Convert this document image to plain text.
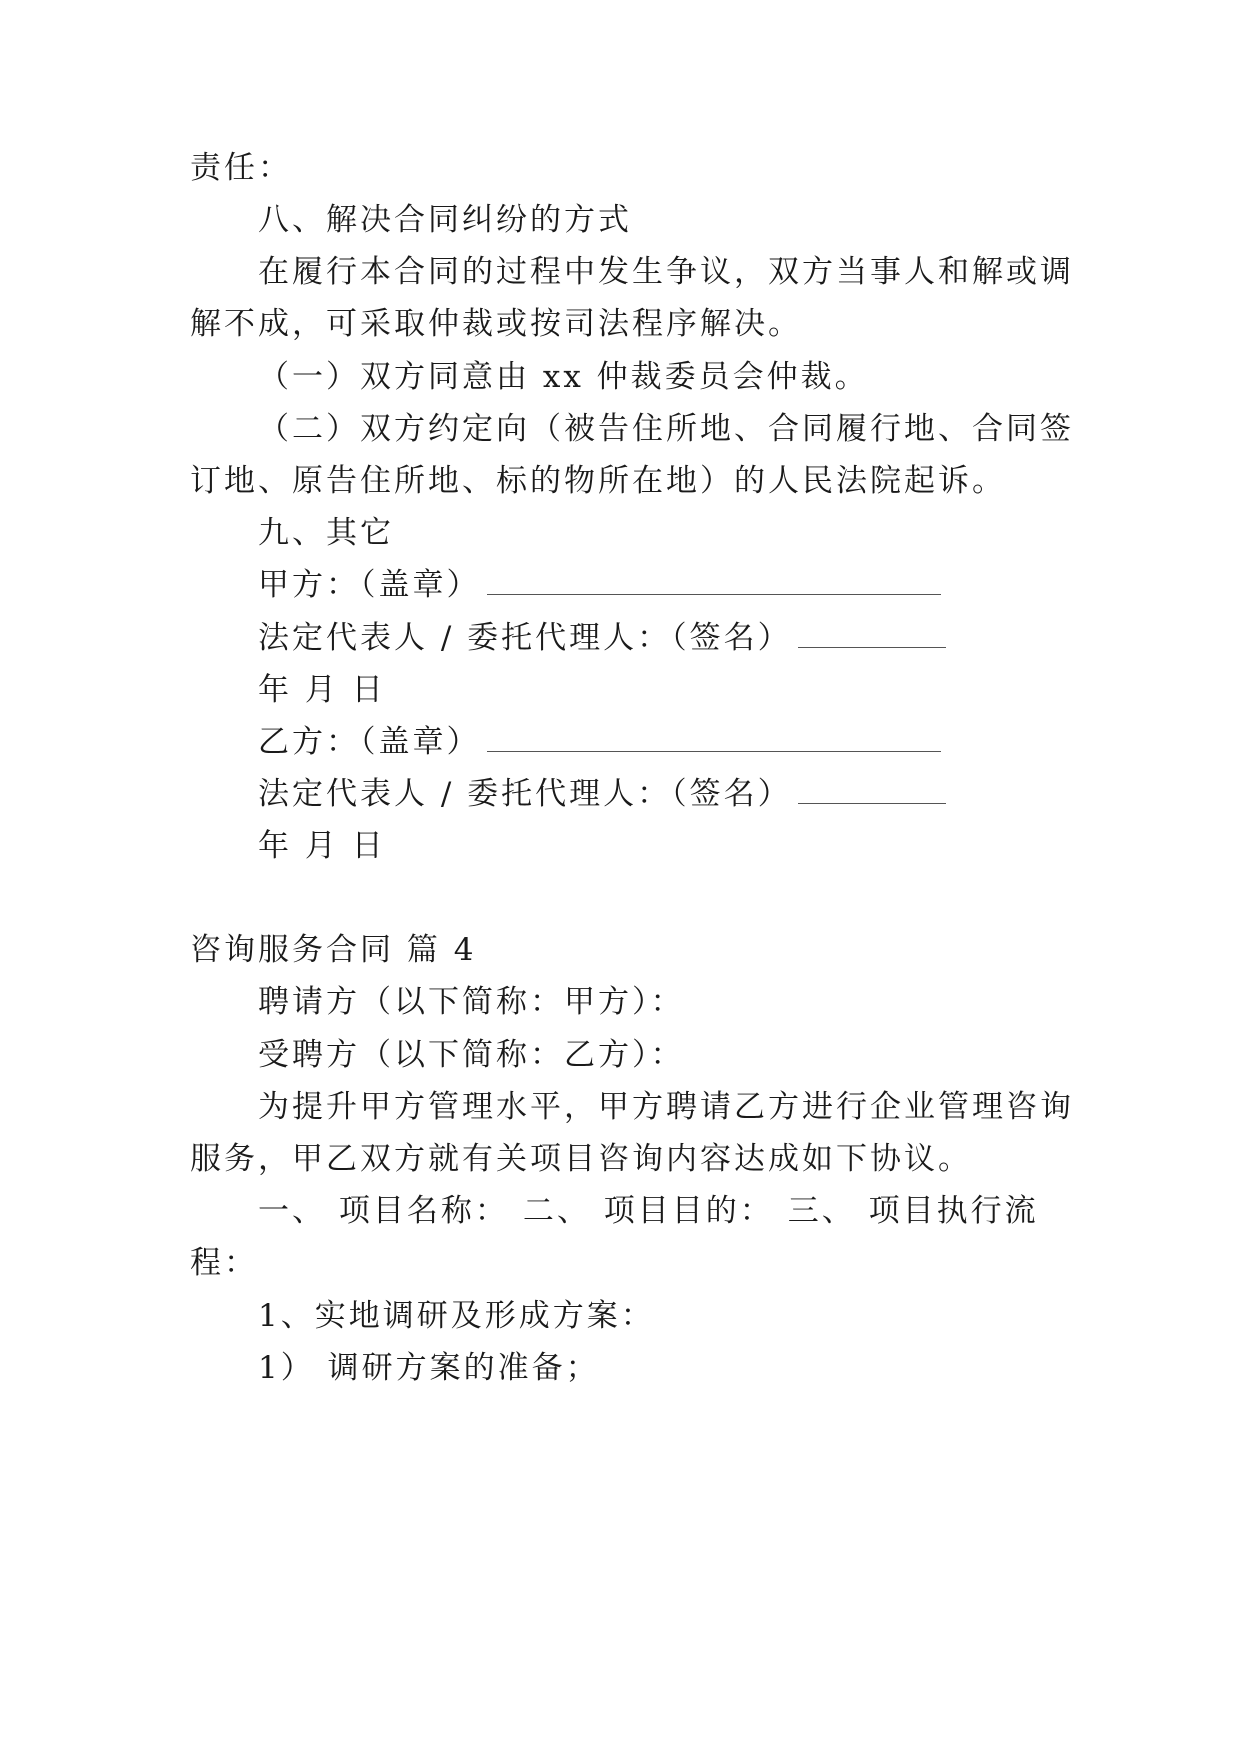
责任：
八、解决合同纠纷的方式
在履行本合同的过程中发生争议，双方当事人和解或调
解不成，可采取仲裁或按司法程序解决。
（一）双方同意由 xx 仲裁委员会仲裁。
（二）双方约定向（被告住所地、合同履行地、合同签
订地、原告住所地、标的物所在地）的人民法院起诉。
九、其它
甲方：（盖章）
法定代表人 / 委托代理人：（签名）
年 月 日
乙方：（盖章）
法定代表人 / 委托代理人：（签名）
年 月 日
咨询服务合同 篇 4
聘请方（以下简称：甲方）：
受聘方（以下简称：乙方）：
为提升甲方管理水平，甲方聘请乙方进行企业管理咨询
服务，甲乙双方就有关项目咨询内容达成如下协议。
一、 项目名称： 二、 项目目的： 三、 项目执行流
程：
1、实地调研及形成方案：
1） 调研方案的准备；
